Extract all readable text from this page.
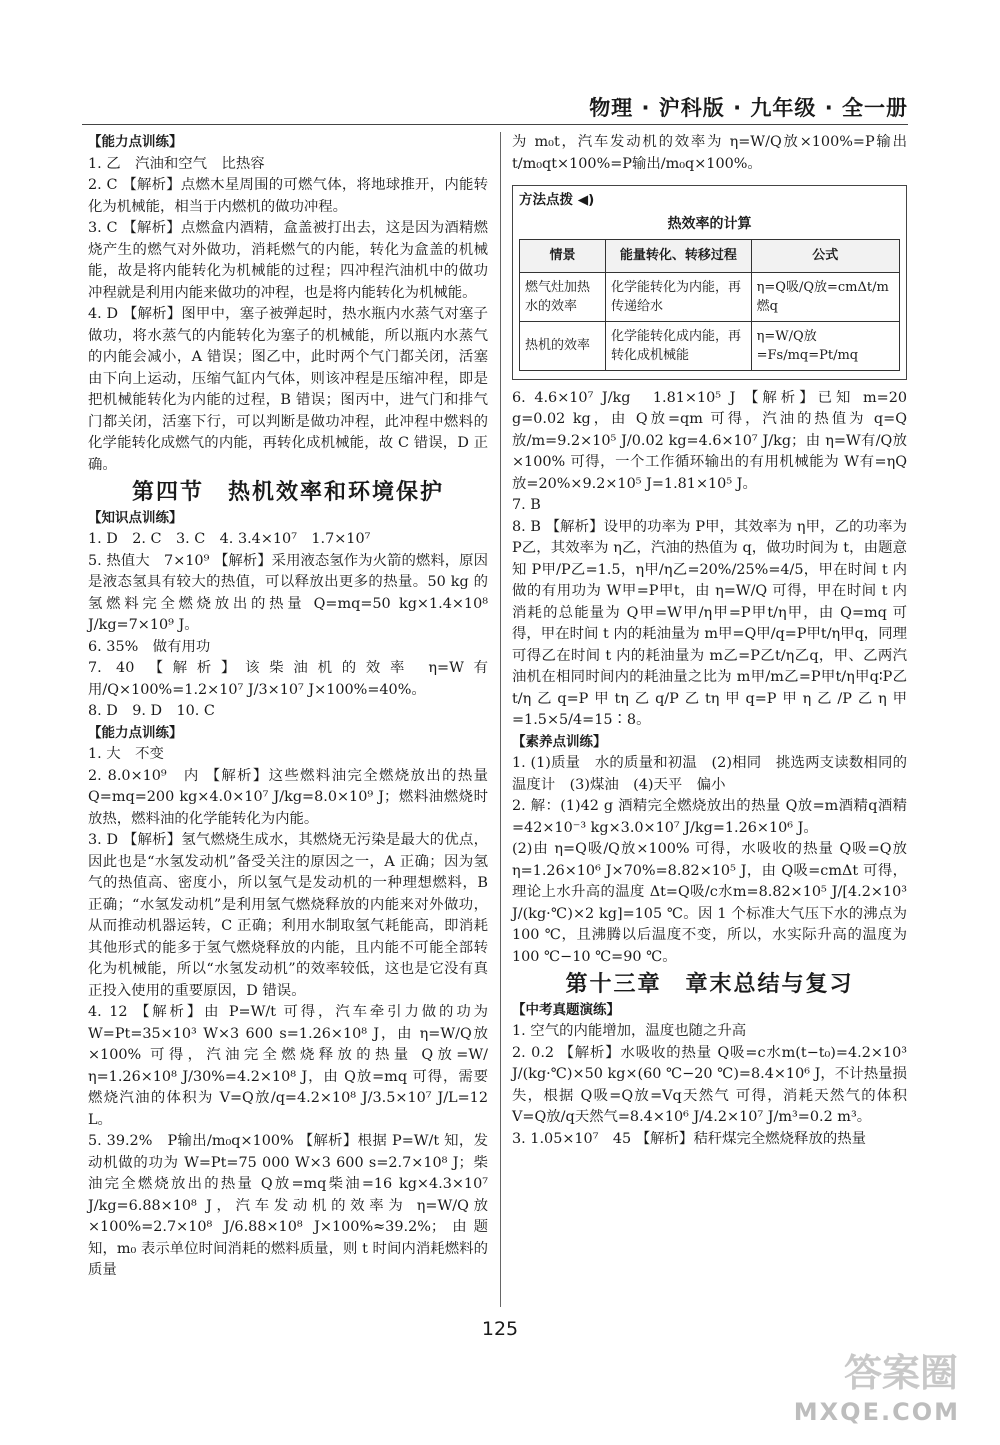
物理 · 沪科版 · 九年级 · 全一册
【能力点训练】
1. 乙　汽油和空气　比热容
2. C 【解析】点燃木星周围的可燃气体，将地球推开，内能转化为机械能，相当于内燃机的做功冲程。
3. C 【解析】点燃盒内酒精，盒盖被打出去，这是因为酒精燃烧产生的燃气对外做功，消耗燃气的内能，转化为盒盖的机械能，故是将内能转化为机械能的过程；四冲程汽油机中的做功冲程就是利用内能来做功的冲程，也是将内能转化为机械能。
4. D 【解析】图甲中，塞子被弹起时，热水瓶内水蒸气对塞子做功，将水蒸气的内能转化为塞子的机械能，所以瓶内水蒸气的内能会减小，A 错误；图乙中，此时两个气门都关闭，活塞由下向上运动，压缩气缸内气体，则该冲程是压缩冲程，即是把机械能转化为内能的过程，B 错误；图丙中，进气门和排气门都关闭，活塞下行，可以判断是做功冲程，此冲程中燃料的化学能转化成燃气的内能，再转化成机械能，故 C 错误，D 正确。
第四节　热机效率和环境保护
【知识点训练】
1. D　2. C　3. C　4. 3.4×10⁷　1.7×10⁷
5. 热值大　7×10⁹ 【解析】采用液态氢作为火箭的燃料，原因是液态氢具有较大的热值，可以释放出更多的热量。50 kg 的氢燃料完全燃烧放出的热量 Q=mq=50 kg×1.4×10⁸ J/kg=7×10⁹ J。
6. 35%　做有用功
7. 40 【解析】该柴油机的效率 η=W有用/Q×100%=1.2×10⁷ J/3×10⁷ J×100%=40%。
8. D　9. D　10. C
【能力点训练】
1. 大　不变
2. 8.0×10⁹　内 【解析】这些燃料油完全燃烧放出的热量 Q=mq=200 kg×4.0×10⁷ J/kg=8.0×10⁹ J；燃料油燃烧时放热，燃料油的化学能转化为内能。
3. D 【解析】氢气燃烧生成水，其燃烧无污染是最大的优点，因此也是“水氢发动机”备受关注的原因之一，A 正确；因为氢气的热值高、密度小，所以氢气是发动机的一种理想燃料，B 正确；“水氢发动机”是利用氢气燃烧释放的内能来对外做功，从而推动机器运转，C 正确；利用水制取氢气耗能高，即消耗其他形式的能多于氢气燃烧释放的内能，且内能不可能全部转化为机械能，所以“水氢发动机”的效率较低，这也是它没有真正投入使用的重要原因，D 错误。
4. 12 【解析】由 P=W/t 可得，汽车牵引力做的功为 W=Pt=35×10³ W×3 600 s=1.26×10⁸ J，由 η=W/Q放×100% 可得，汽油完全燃烧释放的热量 Q放=W/η=1.26×10⁸ J/30%=4.2×10⁸ J，由 Q放=mq 可得，需要燃烧汽油的体积为 V=Q放/q=4.2×10⁸ J/3.5×10⁷ J/L=12 L。
5. 39.2%　P输出/m₀q×100% 【解析】根据 P=W/t 知，发动机做的功为 W=Pt=75 000 W×3 600 s=2.7×10⁸ J；柴油完全燃烧放出的热量 Q放=mq柴油=16 kg×4.3×10⁷ J/kg=6.88×10⁸ J，汽车发动机的效率为 η=W/Q放×100%=2.7×10⁸ J/6.88×10⁸ J×100%≈39.2%；由题知，m₀ 表示单位时间消耗的燃料质量，则 t 时间内消耗燃料的质量
为 m₀t，汽车发动机的效率为 η=W/Q放×100%=P输出t/m₀qt×100%=P输出/m₀q×100%。
方法点拨 ◀)
热效率的计算
情景	能量转化、转移过程	公式
燃气灶加热水的效率	化学能转化为内能，再传递给水	η=Q吸/Q放=cmΔt/m燃q
热机的效率	化学能转化成内能，再转化成机械能	η=W/Q放=Fs/mq=Pt/mq
6. 4.6×10⁷ J/kg　1.81×10⁵ J 【解析】已知 m=20 g=0.02 kg，由 Q放=qm 可得，汽油的热值为 q=Q放/m=9.2×10⁵ J/0.02 kg=4.6×10⁷ J/kg；由 η=W有/Q放×100% 可得，一个工作循环输出的有用机械能为 W有=ηQ放=20%×9.2×10⁵ J=1.81×10⁵ J。
7. B
8. B 【解析】设甲的功率为 P甲，其效率为 η甲，乙的功率为 P乙，其效率为 η乙，汽油的热值为 q，做功时间为 t，由题意知 P甲/P乙=1.5，η甲/η乙=20%/25%=4/5，甲在时间 t 内做的有用功为 W甲=P甲t，由 η=W/Q 可得，甲在时间 t 内消耗的总能量为 Q甲=W甲/η甲=P甲t/η甲，由 Q=mq 可得，甲在时间 t 内的耗油量为 m甲=Q甲/q=P甲t/η甲q，同理可得乙在时间 t 内的耗油量为 m乙=P乙t/η乙q，甲、乙两汽油机在相同时间内的耗油量之比为 m甲/m乙=P甲t/η甲q∶P乙t/η乙q=P甲tη乙q/P乙tη甲q=P甲η乙/P乙η甲=1.5×5/4=15∶8。
【素养点训练】
1. (1)质量　水的质量和初温　(2)相同　挑选两支读数相同的温度计　(3)煤油　(4)天平　偏小
2. 解：(1)42 g 酒精完全燃烧放出的热量 Q放=m酒精q酒精=42×10⁻³ kg×3.0×10⁷ J/kg=1.26×10⁶ J。
(2)由 η=Q吸/Q放×100% 可得，水吸收的热量 Q吸=Q放η=1.26×10⁶ J×70%=8.82×10⁵ J，由 Q吸=cmΔt 可得，理论上水升高的温度 Δt=Q吸/c水m=8.82×10⁵ J/[4.2×10³ J/(kg·℃)×2 kg]=105 ℃。因 1 个标准大气压下水的沸点为 100 ℃，且沸腾以后温度不变，所以，水实际升高的温度为 100 ℃−10 ℃=90 ℃。
第十三章　章末总结与复习
【中考真题演练】
1. 空气的内能增加，温度也随之升高
2. 0.2 【解析】水吸收的热量 Q吸=c水m(t−t₀)=4.2×10³ J/(kg·℃)×50 kg×(60 ℃−20 ℃)=8.4×10⁶ J，不计热量损失，根据 Q吸=Q放=Vq天然气 可得，消耗天然气的体积 V=Q放/q天然气=8.4×10⁶ J/4.2×10⁷ J/m³=0.2 m³。
3. 1.05×10⁷　45 【解析】秸秆煤完全燃烧释放的热量
125
答案圈
MXQE.COM
